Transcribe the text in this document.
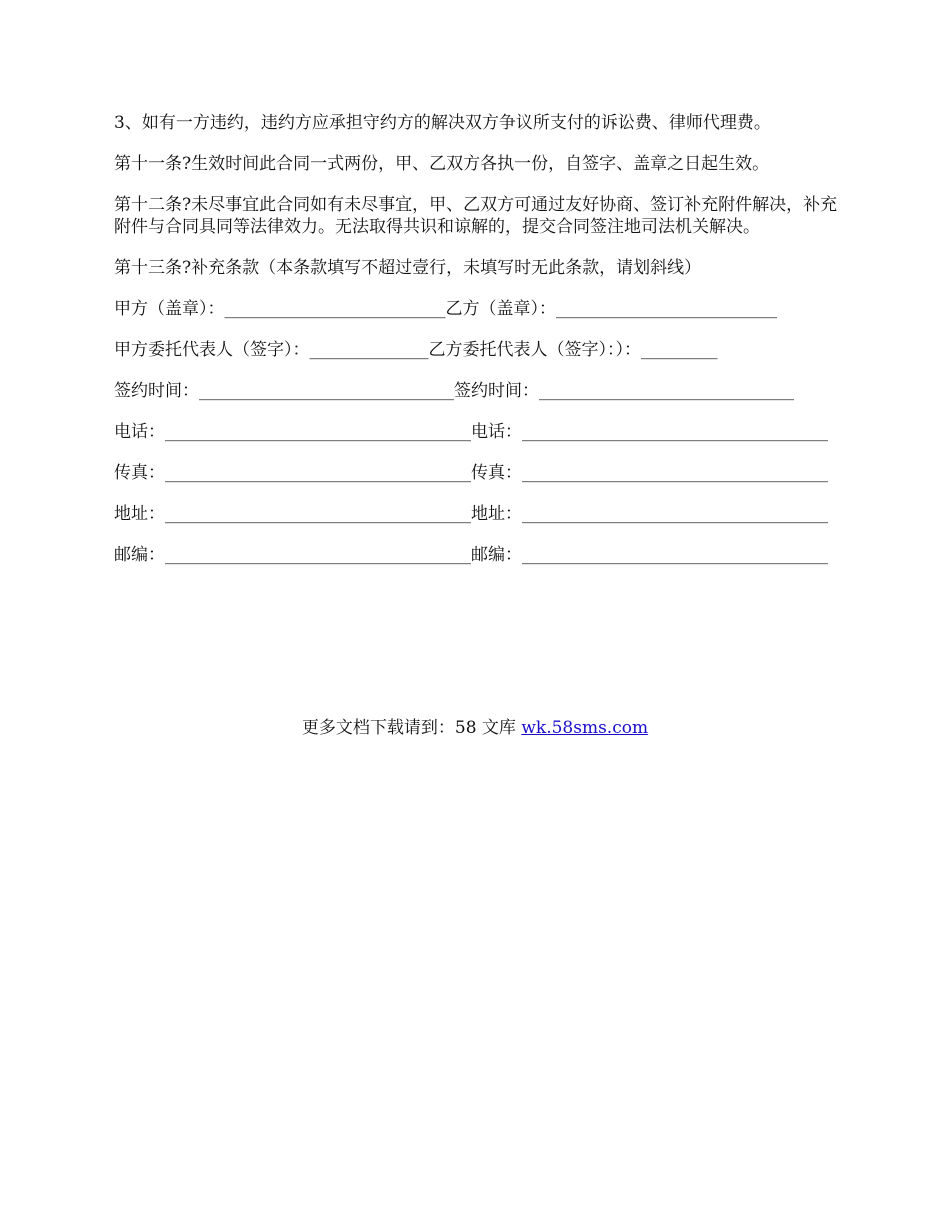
3、如有一方违约，违约方应承担守约方的解决双方争议所支付的诉讼费、律师代理费。

第十一条?生效时间此合同一式两份，甲、乙双方各执一份，自签字、盖章之日起生效。

第十二条?未尽事宜此合同如有未尽事宜，甲、乙双方可通过友好协商、签订补充附件解决，补充附件与合同具同等法律效力。无法取得共识和谅解的，提交合同签注地司法机关解决。

第十三条?补充条款（本条款填写不超过壹行，未填写时无此条款，请划斜线）

甲方（盖章）：__________________________乙方（盖章）：__________________________
甲方委托代表人（签字）：______________乙方委托代表人（签字）：）：_________
签约时间：______________________________签约时间：______________________________
电话：____________________________________电话：____________________________________
传真：____________________________________传真：____________________________________
地址：____________________________________地址：____________________________________
邮编：____________________________________邮编：____________________________________
更多文档下载请到：58 文库 wk.58sms.com
